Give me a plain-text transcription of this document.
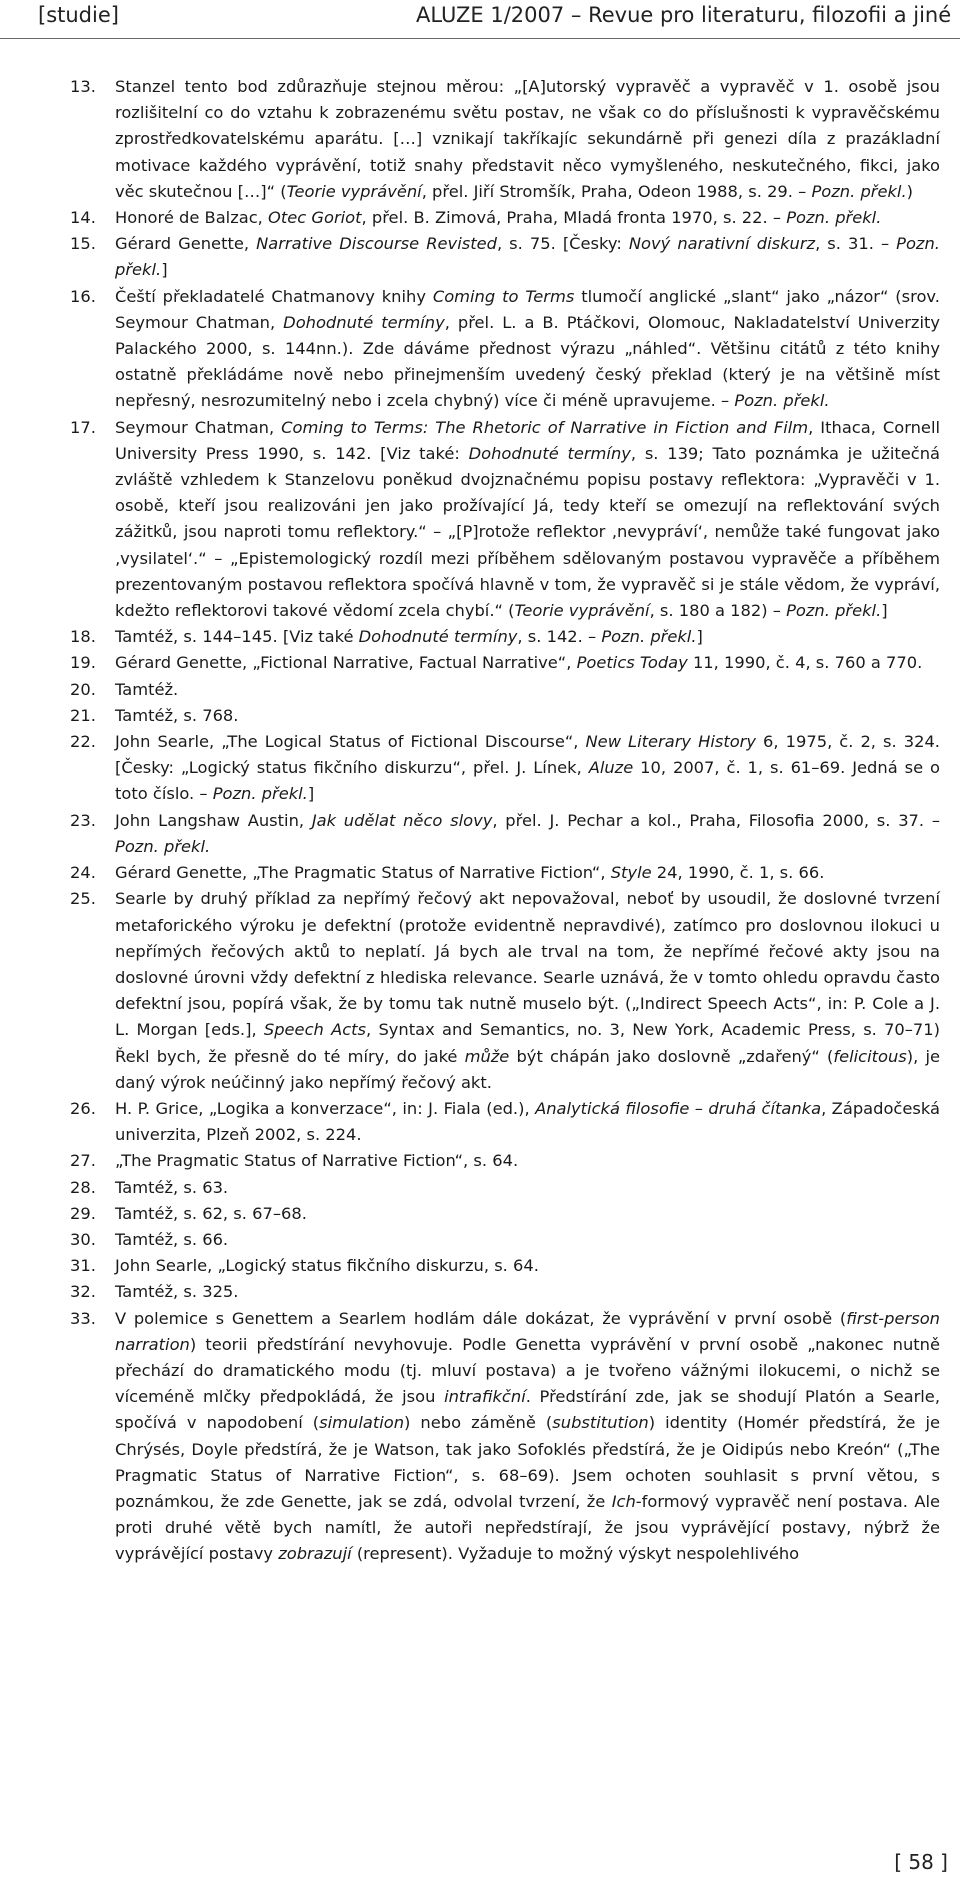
[studie]	ALUZE 1/2007 – Revue pro literaturu, filozofii a jiné
13.	Stanzel tento bod zdůrazňuje stejnou měrou: „[A]utorský vypravěč a vypravěč v 1. osobě jsou rozlišitelní co do vztahu k zobrazenému světu postav, ne však co do příslušnosti k vypravěčskému zprostředkovatelskému aparátu. […] vznikají takříkajíc sekundárně při genezi díla z prazákladní motivace každého vyprávění, totiž snahy představit něco vymyšleného, neskutečného, fikci, jako věc skutečnou […]“ (Teorie vyprávění, přel. Jiří Stromšík, Praha, Odeon 1988, s. 29. – Pozn. překl.)
14.	Honoré de Balzac, Otec Goriot, přel. B. Zimová, Praha, Mladá fronta 1970, s. 22. – Pozn. překl.
15.	Gérard Genette, Narrative Discourse Revisted, s. 75. [Česky: Nový narativní diskurz, s. 31. – Pozn. překl.]
16.	Čeští překladatelé Chatmanovy knihy Coming to Terms tlumočí anglické „slant“ jako „názor“ (srov. Seymour Chatman, Dohodnuté termíny, přel. L. a B. Ptáčkovi, Olomouc, Nakladatelství Univerzity Palackého 2000, s. 144nn.). Zde dáváme přednost výrazu „náhled“. Většinu citátů z této knihy ostatně překládáme nově nebo přinejmenším uvedený český překlad (který je na většině míst nepřesný, nesrozumitelný nebo i zcela chybný) více či méně upravujeme. – Pozn. překl.
17.	Seymour Chatman, Coming to Terms: The Rhetoric of Narrative in Fiction and Film, Ithaca, Cornell University Press 1990, s. 142. [Viz také: Dohodnuté termíny, s. 139; Tato poznámka je užitečná zvláště vzhledem k Stanzelovu poněkud dvojznačnému popisu postavy reflektora: „Vypravěči v 1. osobě, kteří jsou realizováni jen jako prožívající Já, tedy kteří se omezují na reflektování svých zážitků, jsou naproti tomu reflektory.“ – „[P]rotože reflektor ‚nevypráví‘, nemůže také fungovat jako ‚vysilatel‘.“ – „Epistemologický rozdíl mezi příběhem sdělovaným postavou vypravěče a příběhem prezentovaným postavou reflektora spočívá hlavně v tom, že vypravěč si je stále vědom, že vypráví, kdežto reflektorovi takové vědomí zcela chybí.“ (Teorie vyprávění, s. 180 a 182) – Pozn. překl.]
18.	Tamtéž, s. 144–145. [Viz také Dohodnuté termíny, s. 142. – Pozn. překl.]
19.	Gérard Genette, „Fictional Narrative, Factual Narrative“, Poetics Today 11, 1990, č. 4, s. 760 a 770.
20.	Tamtéž.
21.	Tamtéž, s. 768.
22.	John Searle, „The Logical Status of Fictional Discourse“, New Literary History 6, 1975, č. 2, s. 324. [Česky: „Logický status fikčního diskurzu“, přel. J. Línek, Aluze 10, 2007, č. 1, s. 61–69. Jedná se o toto číslo. – Pozn. překl.]
23.	John Langshaw Austin, Jak udělat něco slovy, přel. J. Pechar a kol., Praha, Filosofia 2000, s. 37. – Pozn. překl.
24.	Gérard Genette, „The Pragmatic Status of Narrative Fiction“, Style 24, 1990, č. 1, s. 66.
25.	Searle by druhý příklad za nepřímý řečový akt nepovažoval, neboť by usoudil, že doslovné tvrzení metaforického výroku je defektní (protože evidentně nepravdivé), zatímco pro doslovnou ilokuci u nepřímých řečových aktů to neplatí. Já bych ale trval na tom, že nepřímé řečové akty jsou na doslovné úrovni vždy defektní z hlediska relevance. Searle uznává, že v tomto ohledu opravdu často defektní jsou, popírá však, že by tomu tak nutně muselo být. („Indirect Speech Acts“, in: P. Cole a J. L. Morgan [eds.], Speech Acts, Syntax and Semantics, no. 3, New York, Academic Press, s. 70–71) Řekl bych, že přesně do té míry, do jaké může být chápán jako doslovně „zdařený“ (felicitous), je daný výrok neúčinný jako nepřímý řečový akt.
26.	H. P. Grice, „Logika a konverzace“, in: J. Fiala (ed.), Analytická filosofie – druhá čítanka, Západočeská univerzita, Plzeň 2002, s. 224.
27.	„The Pragmatic Status of Narrative Fiction“, s. 64.
28.	Tamtéž, s. 63.
29.	Tamtéž, s. 62, s. 67–68.
30.	Tamtéž, s. 66.
31.	John Searle, „Logický status fikčního diskurzu, s. 64.
32.	Tamtéž, s. 325.
33.	V polemice s Genettem a Searlem hodlám dále dokázat, že vyprávění v první osobě (first-person narration) teorii předstírání nevyhovuje. Podle Genetta vyprávění v první osobě „nakonec nutně přechází do dramatického modu (tj. mluví postava) a je tvořeno vážnými ilokucemi, o nichž se víceméně mlčky předpokládá, že jsou intrafikční. Předstírání zde, jak se shodují Platón a Searle, spočívá v napodobení (simulation) nebo záměně (substitution) identity (Homér předstírá, že je Chrýsés, Doyle předstírá, že je Watson, tak jako Sofoklés předstírá, že je Oidipús nebo Kreón“ („The Pragmatic Status of Narrative Fiction“, s. 68–69). Jsem ochoten souhlasit s první větou, s poznámkou, že zde Genette, jak se zdá, odvolal tvrzení, že Ich-formový vypravěč není postava. Ale proti druhé větě bych namítl, že autoři nepředstírají, že jsou vyprávějící postavy, nýbrž že vyprávějící postavy zobrazují (represent). Vyžaduje to možný výskyt nespolehlivého
[ 58 ]
